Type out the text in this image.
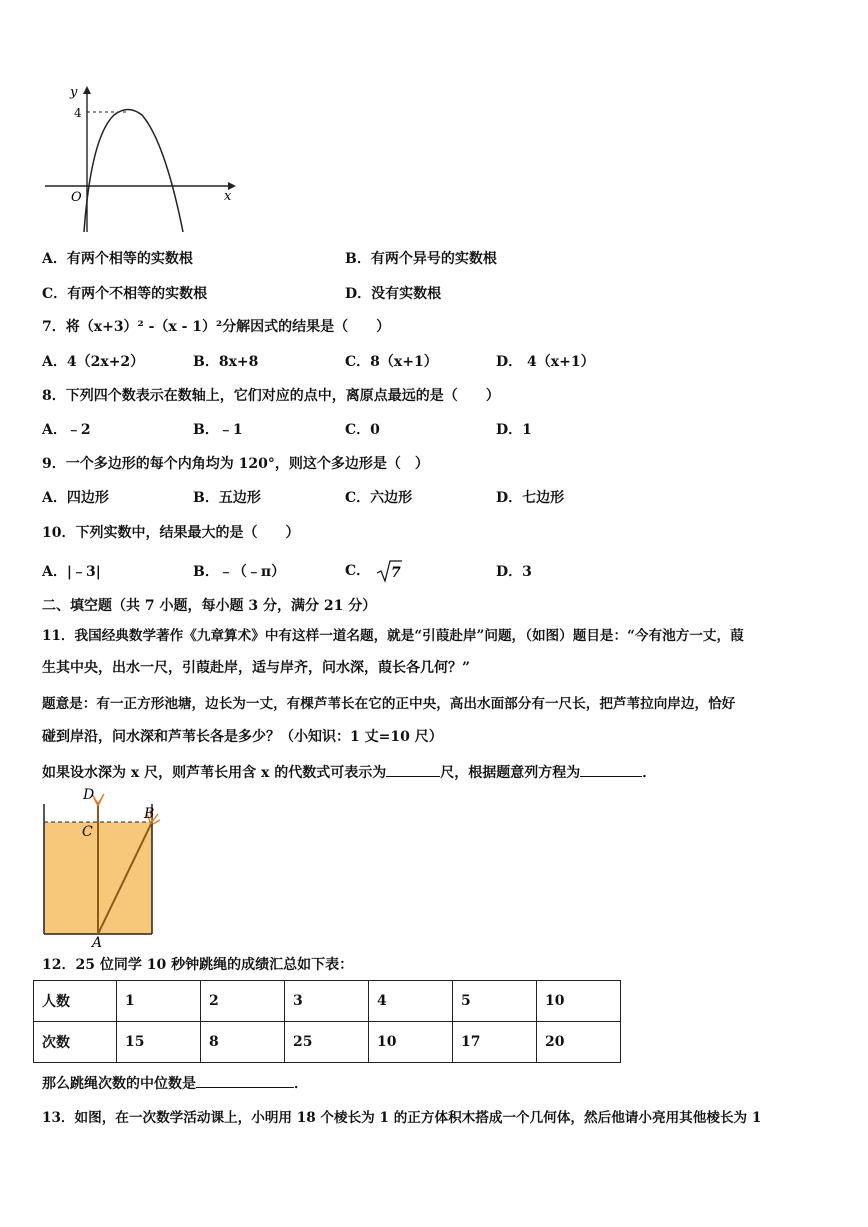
y
x
O
4
A．有两个相等的实数根	B．有两个异号的实数根
C．有两个不相等的实数根	D．没有实数根
7．将（x+3）² -（x - 1）²分解因式的结果是（　　）
A．4（2x+2）	B．8x+8	C．8（x+1）	D． 4（x+1）
8．下列四个数表示在数轴上，它们对应的点中，离原点最远的是（　　）
A．﹣2	B．﹣1	C．0	D．1
9．一个多边形的每个内角均为 120°，则这个多边形是（　）
A．四边形	B．五边形	C．六边形	D．七边形
10．下列实数中，结果最大的是（　　）
A．|﹣3|	B．﹣（﹣π）	C． 7	D．3
二、填空题（共 7 小题，每小题 3 分，满分 21 分）
11．我国经典数学著作《九章算术》中有这样一道名题，就是“引葭赴岸”问题，（如图）题目是：“今有池方一丈，葭
生其中央，出水一尺，引葭赴岸，适与岸齐，问水深，葭长各几何？”
题意是：有一正方形池塘，边长为一丈，有棵芦苇长在它的正中央，高出水面部分有一尺长，把芦苇拉向岸边，恰好
碰到岸沿，问水深和芦苇长各是多少？（小知识：1 丈=10 尺）
如果设水深为 x 尺，则芦苇长用含 x 的代数式可表示为	尺，根据题意列方程为	．
D
C
B
A
12．25 位同学 10 秒钟跳绳的成绩汇总如下表：
人数	1	2	3	4	5	10
次数	15	8	25	10	17	20
那么跳绳次数的中位数是	．
13．如图，在一次数学活动课上，小明用 18 个棱长为 1 的正方体积木搭成一个几何体，然后他请小亮用其他棱长为 1
